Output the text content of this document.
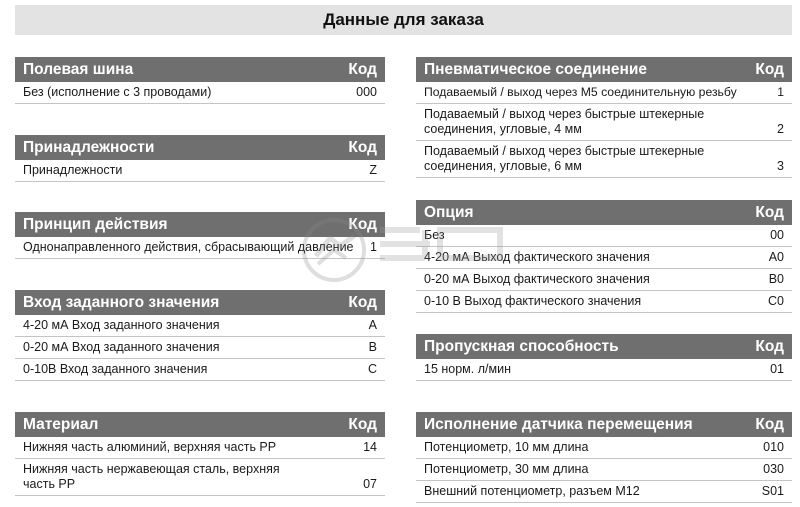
Данные для заказа
Полевая шина	Код
Без (исполнение с 3 проводами)	000
Принадлежности	Код
Принадлежности	Z
Принцип действия	Код
Однонаправленного действия, сбрасывающий давление	1
Вход заданного значения	Код
4-20 мА Вход заданного значения	A
0-20 мА Вход заданного значения	B
0-10В Вход заданного значения	C
Материал	Код
Нижняя часть алюминий, верхняя часть PP	14
Нижняя часть нержавеющая сталь, верхняя часть PP	07
Пневматическое соединение	Код
Подаваемый / выход через M5 соединительную резьбу	1
Подаваемый / выход через быстрые штекерные соединения, угловые, 4 мм	2
Подаваемый / выход через быстрые штекерные соединения, угловые, 6 мм	3
Опция	Код
Без	00
4-20 мА Выход фактического значения	A0
0-20 мА Выход фактического значения	B0
0-10 В Выход фактического значения	C0
Пропускная способность	Код
15 норм. л/мин	01
Исполнение датчика перемещения	Код
Потенциометр, 10 мм длина	010
Потенциометр, 30 мм длина	030
Внешний потенциометр, разъем M12	S01
